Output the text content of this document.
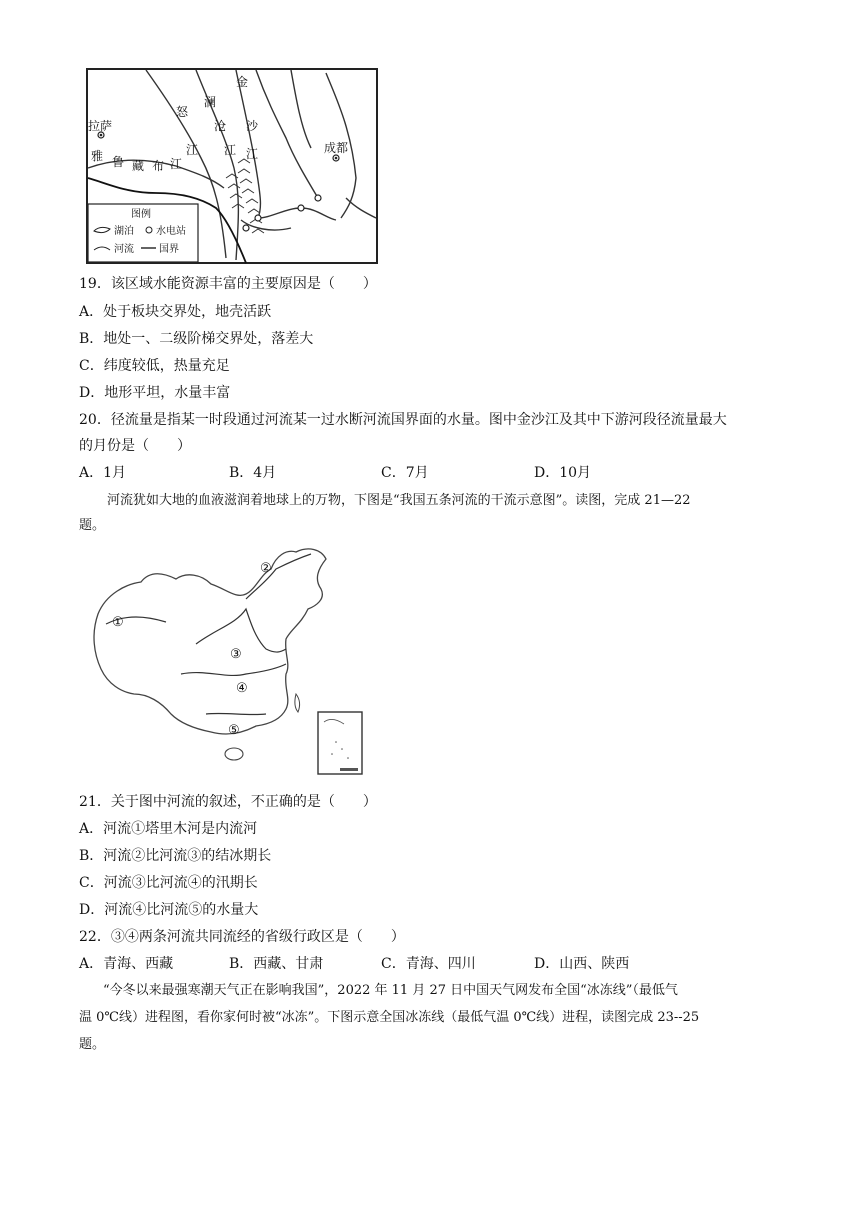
澜
沧
江
金
沙
江
怒
江
拉萨
成都
雅 鲁 藏 布 江
图例
湖泊 水电站
河流	国界
19．该区域水能资源丰富的主要原因是（　　）
A．处于板块交界处，地壳活跃
B．地处一、二级阶梯交界处，落差大
C．纬度较低，热量充足
D．地形平坦，水量丰富
20．径流量是指某一时段通过河流某一过水断河流国界面的水量。图中金沙江及其中下游河段径流量最大
的月份是（　　）
A．1月	B．4月	C．7月	D．10月
河流犹如大地的血液滋润着地球上的万物，下图是“我国五条河流的干流示意图”。读图，完成 21—22
题。
①
②
③
④
⑤
21．关于图中河流的叙述，不正确的是（　　）
A．河流①塔里木河是内流河
B．河流②比河流③的结冰期长
C．河流③比河流④的汛期长
D．河流④比河流⑤的水量大
22．③④两条河流共同流经的省级行政区是（　　）
A．青海、西藏	B．西藏、甘肃	C．青海、四川	D．山西、陕西
“今冬以来最强寒潮天气正在影响我国”，2022 年 11 月 27 日中国天气网发布全国“冰冻线”（最低气
温 0℃线）进程图，看你家何时被“冰冻”。下图示意全国冰冻线（最低气温 0℃线）进程，读图完成 23--25
题。
